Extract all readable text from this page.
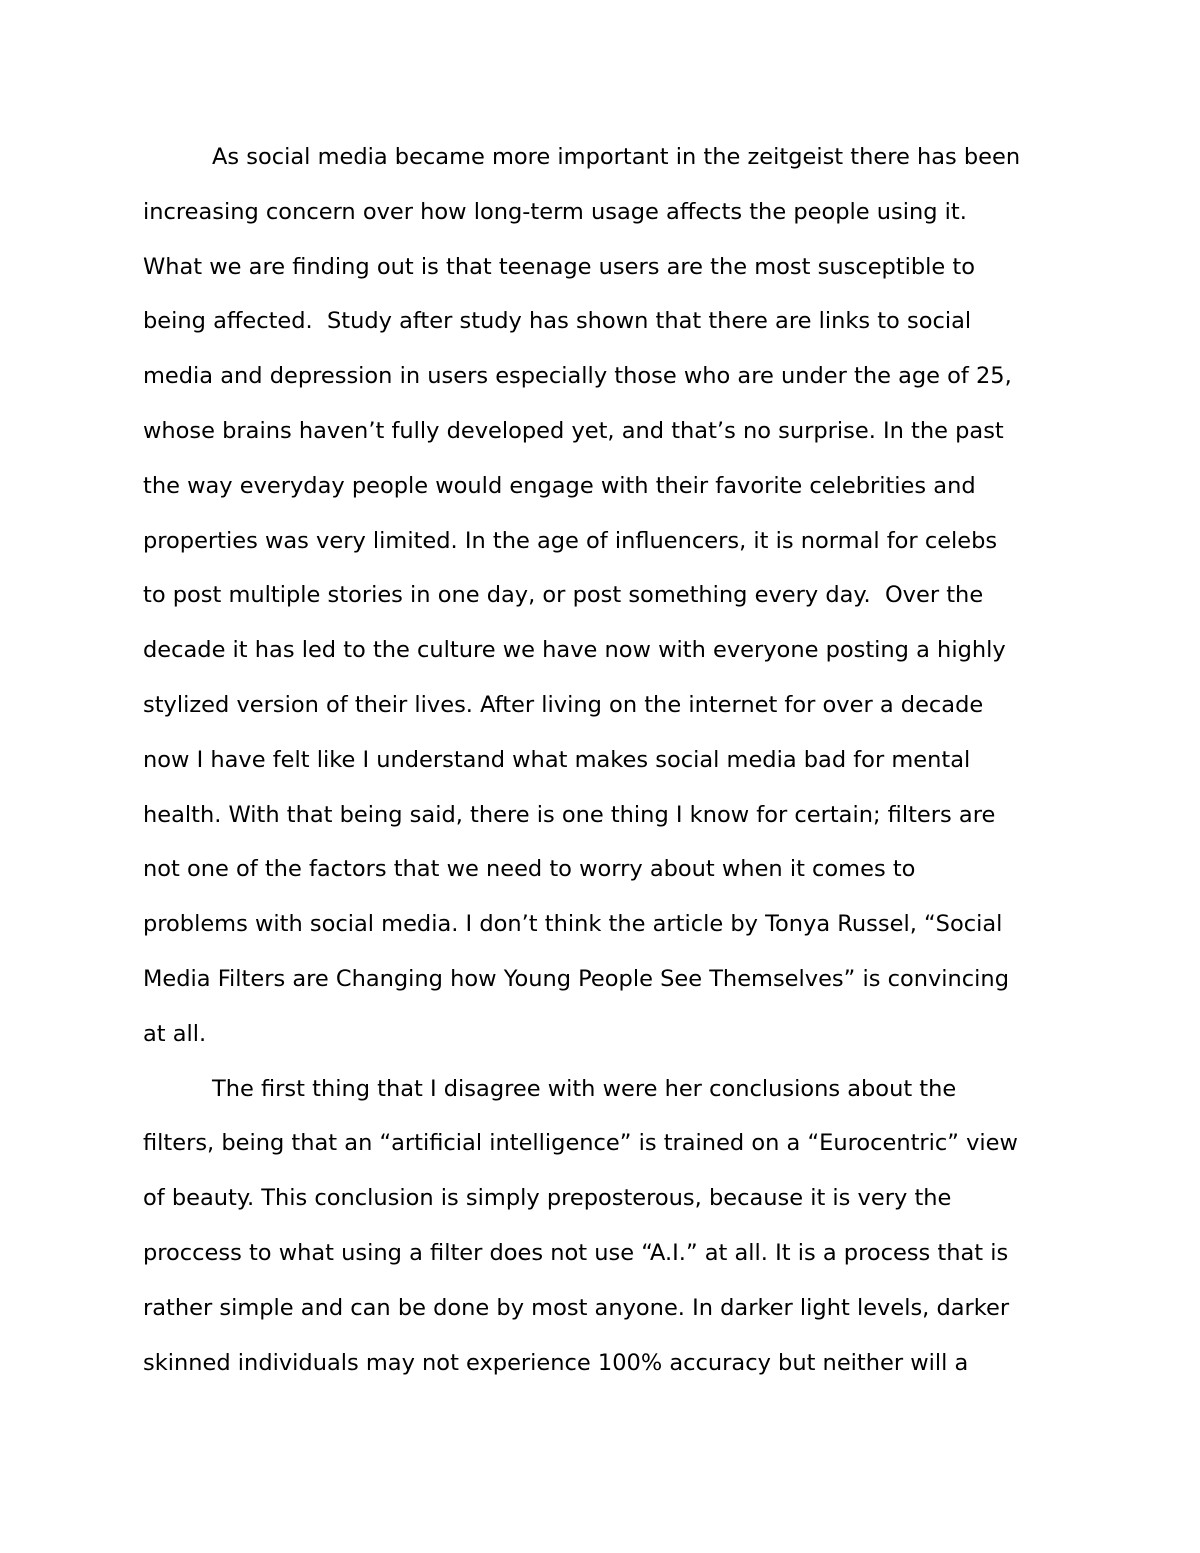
As social media became more important in the zeitgeist there has been
increasing concern over how long-term usage affects the people using it.
What we are finding out is that teenage users are the most susceptible to
being affected.  Study after study has shown that there are links to social
media and depression in users especially those who are under the age of 25,
whose brains haven’t fully developed yet, and that’s no surprise. In the past
the way everyday people would engage with their favorite celebrities and
properties was very limited. In the age of influencers, it is normal for celebs
to post multiple stories in one day, or post something every day.  Over the
decade it has led to the culture we have now with everyone posting a highly
stylized version of their lives. After living on the internet for over a decade
now I have felt like I understand what makes social media bad for mental
health. With that being said, there is one thing I know for certain; filters are
not one of the factors that we need to worry about when it comes to
problems with social media. I don’t think the article by Tonya Russel, “Social
Media Filters are Changing how Young People See Themselves” is convincing
at all.
The first thing that I disagree with were her conclusions about the
filters, being that an “artificial intelligence” is trained on a “Eurocentric” view
of beauty. This conclusion is simply preposterous, because it is very the
proccess to what using a filter does not use “A.I.” at all. It is a process that is
rather simple and can be done by most anyone. In darker light levels, darker
skinned individuals may not experience 100% accuracy but neither will a
